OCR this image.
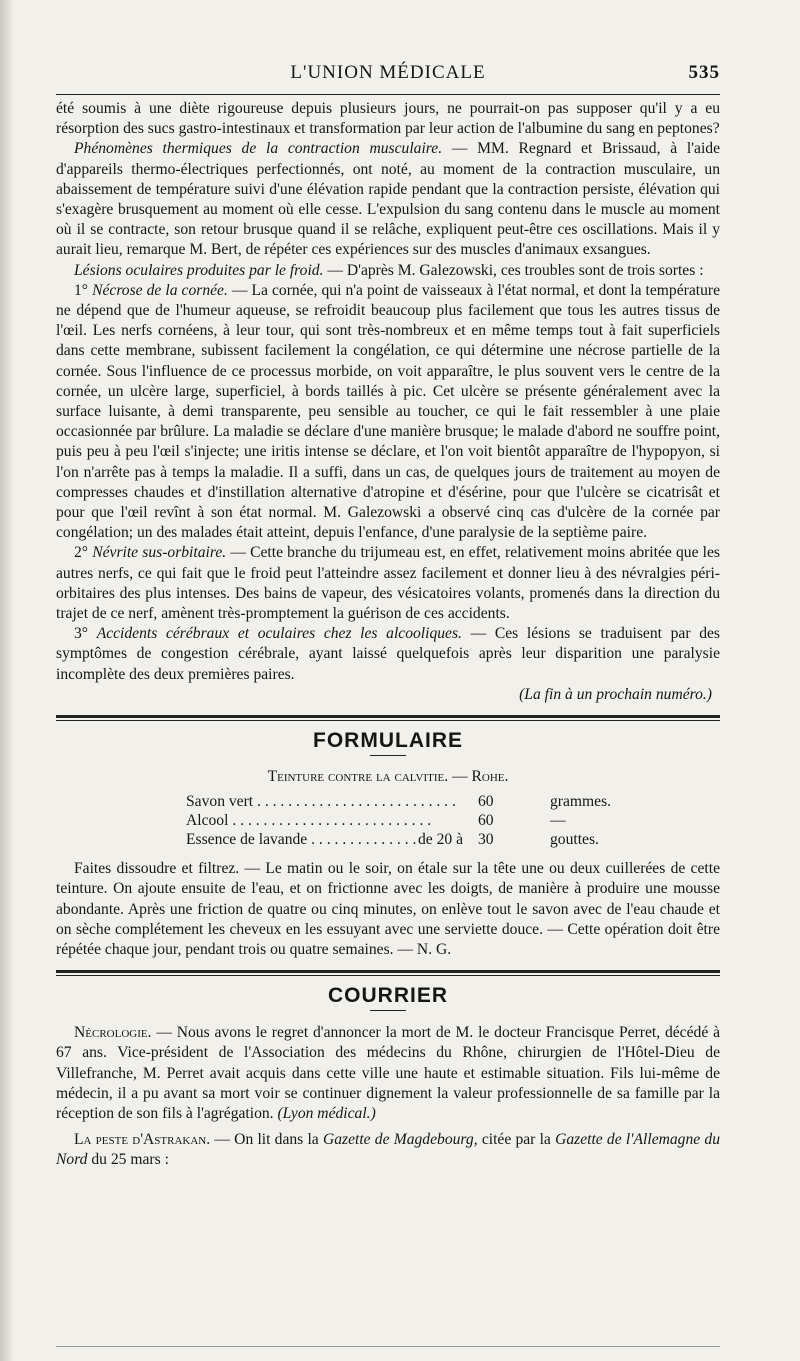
L'UNION MÉDICALE	535

été soumis à une diète rigoureuse depuis plusieurs jours, ne pourrait-on pas supposer qu'il y a eu résorption des sucs gastro-intestinaux et transformation par leur action de l'albumine du sang en peptones?

Phénomènes thermiques de la contraction musculaire. — MM. Regnard et Brissaud, à l'aide d'appareils thermo-électriques perfectionnés, ont noté, au moment de la contraction musculaire, un abaissement de température suivi d'une élévation rapide pendant que la contraction persiste, élévation qui s'exagère brusquement au moment où elle cesse. L'expulsion du sang contenu dans le muscle au moment où il se contracte, son retour brusque quand il se relâche, expliquent peut-être ces oscillations. Mais il y aurait lieu, remarque M. Bert, de répéter ces expériences sur des muscles d'animaux exsangues.

Lésions oculaires produites par le froid. — D'après M. Galezowski, ces troubles sont de trois sortes :

1° Nécrose de la cornée. — La cornée, qui n'a point de vaisseaux à l'état normal, et dont la température ne dépend que de l'humeur aqueuse, se refroidit beaucoup plus facilement que tous les autres tissus de l'œil. Les nerfs cornéens, à leur tour, qui sont très-nombreux et en même temps tout à fait superficiels dans cette membrane, subissent facilement la congélation, ce qui détermine une nécrose partielle de la cornée. Sous l'influence de ce processus morbide, on voit apparaître, le plus souvent vers le centre de la cornée, un ulcère large, superficiel, à bords taillés à pic. Cet ulcère se présente généralement avec la surface luisante, à demi transparente, peu sensible au toucher, ce qui le fait ressembler à une plaie occasionnée par brûlure. La maladie se déclare d'une manière brusque; le malade d'abord ne souffre point, puis peu à peu l'œil s'injecte; une iritis intense se déclare, et l'on voit bientôt apparaître de l'hypopyon, si l'on n'arrête pas à temps la maladie. Il a suffi, dans un cas, de quelques jours de traitement au moyen de compresses chaudes et d'instillation alternative d'atropine et d'ésérine, pour que l'ulcère se cicatrisât et pour que l'œil revînt à son état normal. M. Galezowski a observé cinq cas d'ulcère de la cornée par congélation; un des malades était atteint, depuis l'enfance, d'une paralysie de la septième paire.

2° Névrite sus-orbitaire. — Cette branche du trijumeau est, en effet, relativement moins abritée que les autres nerfs, ce qui fait que le froid peut l'atteindre assez facilement et donner lieu à des névralgies péri-orbitaires des plus intenses. Des bains de vapeur, des vésicatoires volants, promenés dans la direction du trajet de ce nerf, amènent très-promptement la guérison de ces accidents.

3° Accidents cérébraux et oculaires chez les alcooliques. — Ces lésions se traduisent par des symptômes de congestion cérébrale, ayant laissé quelquefois après leur disparition une paralysie incomplète des deux premières paires.

(La fin à un prochain numéro.)

FORMULAIRE
Teinture contre la calvitie. — Rohe.
Savon vert . . .	60	grammes.
Alcool . . .	60	—
Essence de lavande . . .	de 20 à 30	gouttes.

Faites dissoudre et filtrez. — Le matin ou le soir, on étale sur la tête une ou deux cuillerées de cette teinture. On ajoute ensuite de l'eau, et on frictionne avec les doigts, de manière à produire une mousse abondante. Après une friction de quatre ou cinq minutes, on enlève tout le savon avec de l'eau chaude et on sèche complétement les cheveux en les essuyant avec une serviette douce. — Cette opération doit être répétée chaque jour, pendant trois ou quatre semaines. — N. G.

COURRIER

Nécrologie. — Nous avons le regret d'annoncer la mort de M. le docteur Francisque Perret, décédé à 67 ans. Vice-président de l'Association des médecins du Rhône, chirurgien de l'Hôtel-Dieu de Villefranche, M. Perret avait acquis dans cette ville une haute et estimable situation. Fils lui-même de médecin, il a pu avant sa mort voir se continuer dignement la valeur professionnelle de sa famille par la réception de son fils à l'agrégation. (Lyon médical.)

La peste d'Astrakan. — On lit dans la Gazette de Magdebourg, citée par la Gazette de l'Allemagne du Nord du 25 mars :
